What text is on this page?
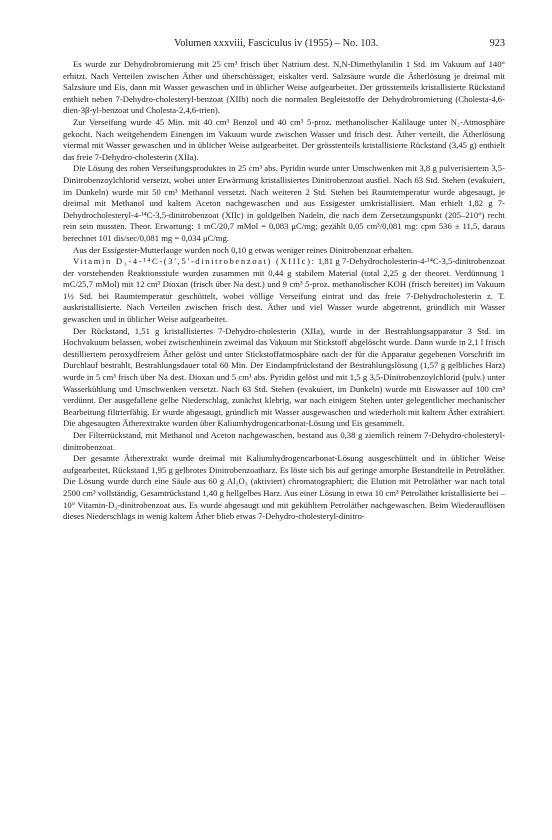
Volumen xxxviii, Fasciculus iv (1955) – No. 103.	923

Es wurde zur Dehydrobromierung mit 25 cm³ frisch über Natrium dest. N,N-Dimethylanilin 1 Std. im Vakuum auf 140° erhitzt. Nach Verteilen zwischen Äther und überschüssiger, eiskalter verd. Salzsäure wurde die Ätherlösung je dreimal mit Salzsäure und Eis, dann mit Wasser gewaschen und in üblicher Weise aufgearbeitet. Der grösstenteils kristallisierte Rückstand enthielt neben 7-Dehydro-cholesteryl-benzoat (XIIb) noch die normalen Begleitstoffe der Dehydrobromierung (Cholesta-4,6-dien-3β-yl-benzoat und Cholesta-2,4,6-trien).

Zur Verseifung wurde 45 Min. mit 40 cm³ Benzol und 40 cm³ 5-proz. methanolischer Kalilauge unter N₂-Atmosphäre gekocht. Nach weitgehendem Einengen im Vakuum wurde zwischen Wasser und frisch dest. Äther verteilt, die Ätherlösung viermal mit Wasser gewaschen und in üblicher Weise aufgearbeitet. Der grösstenteils kristallisierte Rückstand (3,45 g) enthielt das freie 7-Dehydro-cholesterin (XIIa).

Die Lösung des rohen Verseifungsproduktes in 25 cm³ abs. Pyridin wurde unter Umschwenken mit 3,8 g pulverisiertem 3,5-Dinitrobenzoylchlorid versetzt, wobei unter Erwärmung kristallisiertes Dinitrobenzoat ausfiel. Nach 63 Std. Stehen (evakuiert, im Dunkeln) wurde mit 50 cm³ Methanol versetzt. Nach weiteren 2 Std. Stehen bei Raumtemperatur wurde abgesaugt, je dreimal mit Methanol und kaltem Aceton nachgewaschen und aus Essigester umkristallisiert. Man erhielt 1,82 g 7-Dehydrocholesteryl-4-¹⁴C-3,5-dinitrobenzoat (XIIc) in goldgelben Nadeln, die nach dem Zersetzungspunkt (205–210°) recht rein sein mussten. Theor. Erwartung: 1 mC/20,7 mMol = 0,083 μC/mg; gezählt 0,05 cm³/0,081 mg: cpm 536 ± 11,5, daraus berechnet 101 dis/sec/0,081 mg = 0,034 μC/mg.

Aus der Essigester-Mutterlauge wurden noch 0,10 g etwas weniger reines Dinitrobenzoat erhalten.

Vitamin D₃-4-¹⁴C-(3′,5′-dinitrobenzoat) (XIIIc): 1,81 g 7-Dehydrocholesterin-4-¹⁴C-3,5-dinitrobenzoat der vorstehenden Reaktionsstufe wurden zusammen mit 0,44 g stabilem Material (total 2,25 g der theoret. Verdünnung 1 mC/25,7 mMol) mit 12 cm³ Dioxan (frisch über Na dest.) und 9 cm³ 5-proz. methanolischer KOH (frisch bereitet) im Vakuum 1½ Std. bei Raumtemperatur geschüttelt, wobei völlige Verseifung eintrat und das freie 7-Dehydrocholesterin z. T. auskristallisierte. Nach Verteilen zwischen frisch dest. Äther und viel Wasser wurde abgetrennt, gründlich mit Wasser gewaschen und in üblicher Weise aufgearbeitet.

Der Rückstand, 1,51 g kristallisiertes 7-Dehydro-cholesterin (XIIa), wurde in der Bestrahlungsapparatur 3 Std. im Hochvakuum belassen, wobei zwischenhinein zweimal das Vakuum mit Stickstoff abgelöscht wurde. Dann wurde in 2,1 l frisch destilliertem peroxydfreiem Äther gelöst und unter Stickstoffatmosphäre nach der für die Apparatur gegebenen Vorschrift im Durchlauf bestrahlt, Bestrahlungsdauer total 60 Min. Der Eindampfrückstand der Bestrahlungslösung (1,57 g gelbliches Harz) wurde in 5 cm³ frisch über Na dest. Dioxan und 5 cm³ abs. Pyridin gelöst und mit 1,5 g 3,5-Dinitrobenzoylchlorid (pulv.) unter Wasserkühlung und Umschwenken versetzt. Nach 63 Std. Stehen (evakuiert, im Dunkeln) wurde mit Eiswasser auf 100 cm³ verdünnt. Der ausgefallene gelbe Niederschlag, zunächst klebrig, war nach einigem Stehen unter gelegentlicher mechanischer Bearbeitung filtrierfähig. Er wurde abgesaugt, gründlich mit Wasser ausgewaschen und wiederholt mit kaltem Äther extrahiert. Die abgesaugten Ätherextrakte wurden über Kaliumhydrogencarbonat-Lösung und Eis gesammelt.

Der Filterrückstand, mit Methanol und Aceton nachgewaschen, bestand aus 0,38 g ziemlich reinem 7-Dehydro-cholesteryl-dinitrobenzoat.

Der gesamte Ätherextrakt wurde dreimal mit Kaliumhydrogencarbonat-Lösung ausgeschüttelt und in üblicher Weise aufgearbeitet, Rückstand 1,95 g gelbrotes Dinitrobenzoatharz. Es löste sich bis auf geringe amorphe Bestandteile in Petroläther. Die Lösung wurde durch eine Säule aus 60 g Al₂O₃ (aktiviert) chromatographiert; die Elution mit Petroläther war nach total 2500 cm³ vollständig, Gesamtrückstand 1,40 g hellgelbes Harz. Aus einer Lösung in etwa 10 cm³ Petroläther kristallisierte bei – 10° Vitamin-D₃-dinitrobenzoat aus. Es wurde abgesaugt und mit gekühltem Petroläther nachgewaschen. Beim Wiederauflösen dieses Niederschlags in wenig kaltem Äther blieb etwas 7-Dehydro-cholesteryl-dinitro-
